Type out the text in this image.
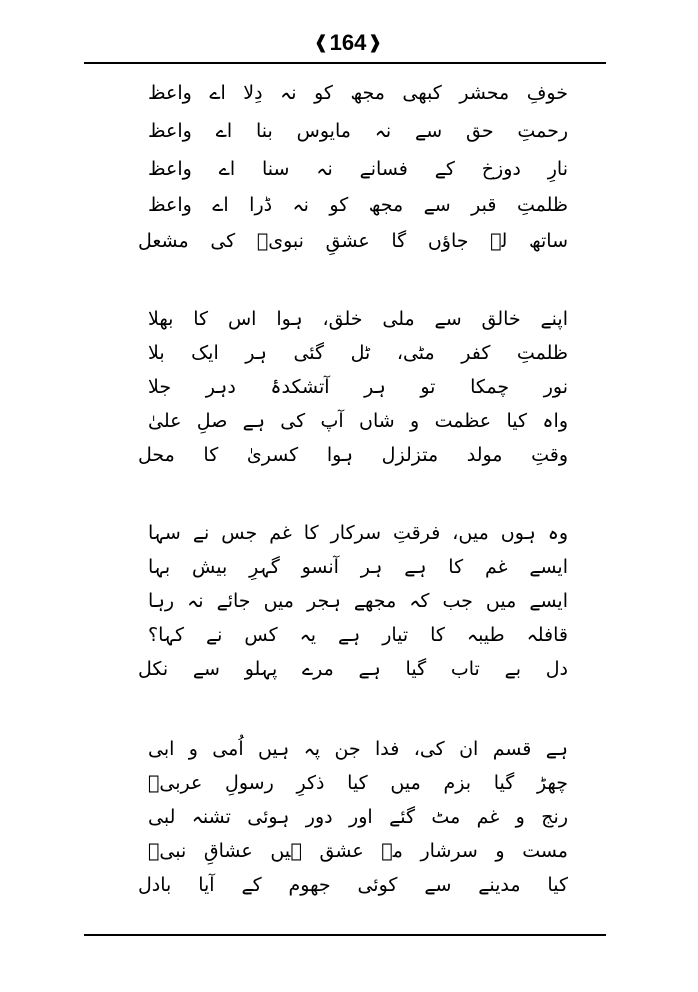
❰ 164 ❱
خوفِ محشر کبھی مجھ کو نہ دِلا اے واعظ
رحمتِ حق سے نہ مایوس بنا اے واعظ
نارِ دوزخ کے فسانے نہ سنا اے واعظ
ظلمتِ قبر سے مجھ کو نہ ڈرا اے واعظ
ساتھ لے جاؤں گا عشقِ نبویؐ کی مشعل
اپنے خالق سے ملی خلق، ہوا اس کا بھلا
ظلمتِ کفر مٹی، ٹل گئی ہر ایک بلا
نور چمکا تو ہر آتشکدۂ دہر جلا
واہ کیا عظمت و شاں آپ کی ہے صلِ علیٰ
وقتِ مولد متزلزل ہوا کسریٰ کا محل
وہ ہوں میں، فرقتِ سرکار کا غم جس نے سہا
ایسے غم کا ہے ہر آنسو گہرِ بیش بہا
ایسے میں جب کہ مجھے ہجر میں جائے نہ رہا
قافلہ طیبہ کا تیار ہے یہ کس نے کہا؟
دل بے تاب گیا ہے مرے پہلو سے نکل
ہے قسم ان کی، فدا جن پہ ہیں اُمی و ابی
چھڑ گیا بزم میں کیا ذکرِ رسولِ عربیؐ
رنج و غم مٹ گئے اور دور ہوئی تشنہ لبی
مست و سرشار مے عشق ہیں عشاقِ نبیؐ
کیا مدینے سے کوئی جھوم کے آیا بادل
